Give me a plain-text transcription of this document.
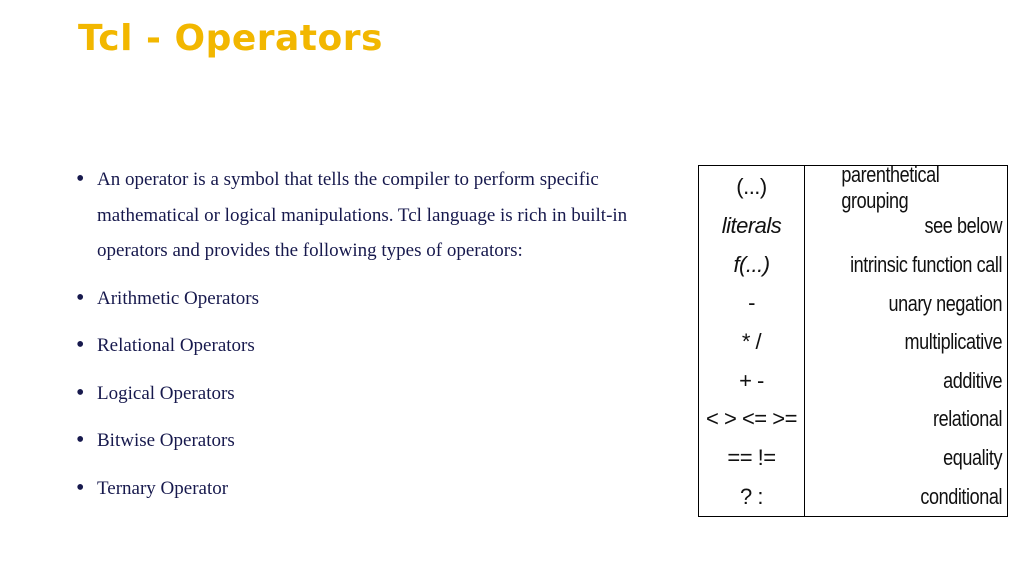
Tcl - Operators
• An operator is a symbol that tells the compiler to perform specific mathematical or logical manipulations. Tcl language is rich in built-in operators and provides the following types of operators:
• Arithmetic Operators
• Relational Operators
• Logical Operators
• Bitwise Operators
• Ternary Operator
(...)
literals
f(...)
-
* /
+ -
< > <= >=
== !=
? :
parenthetical grouping
see below
intrinsic function call
unary negation
multiplicative
additive
relational
equality
conditional
